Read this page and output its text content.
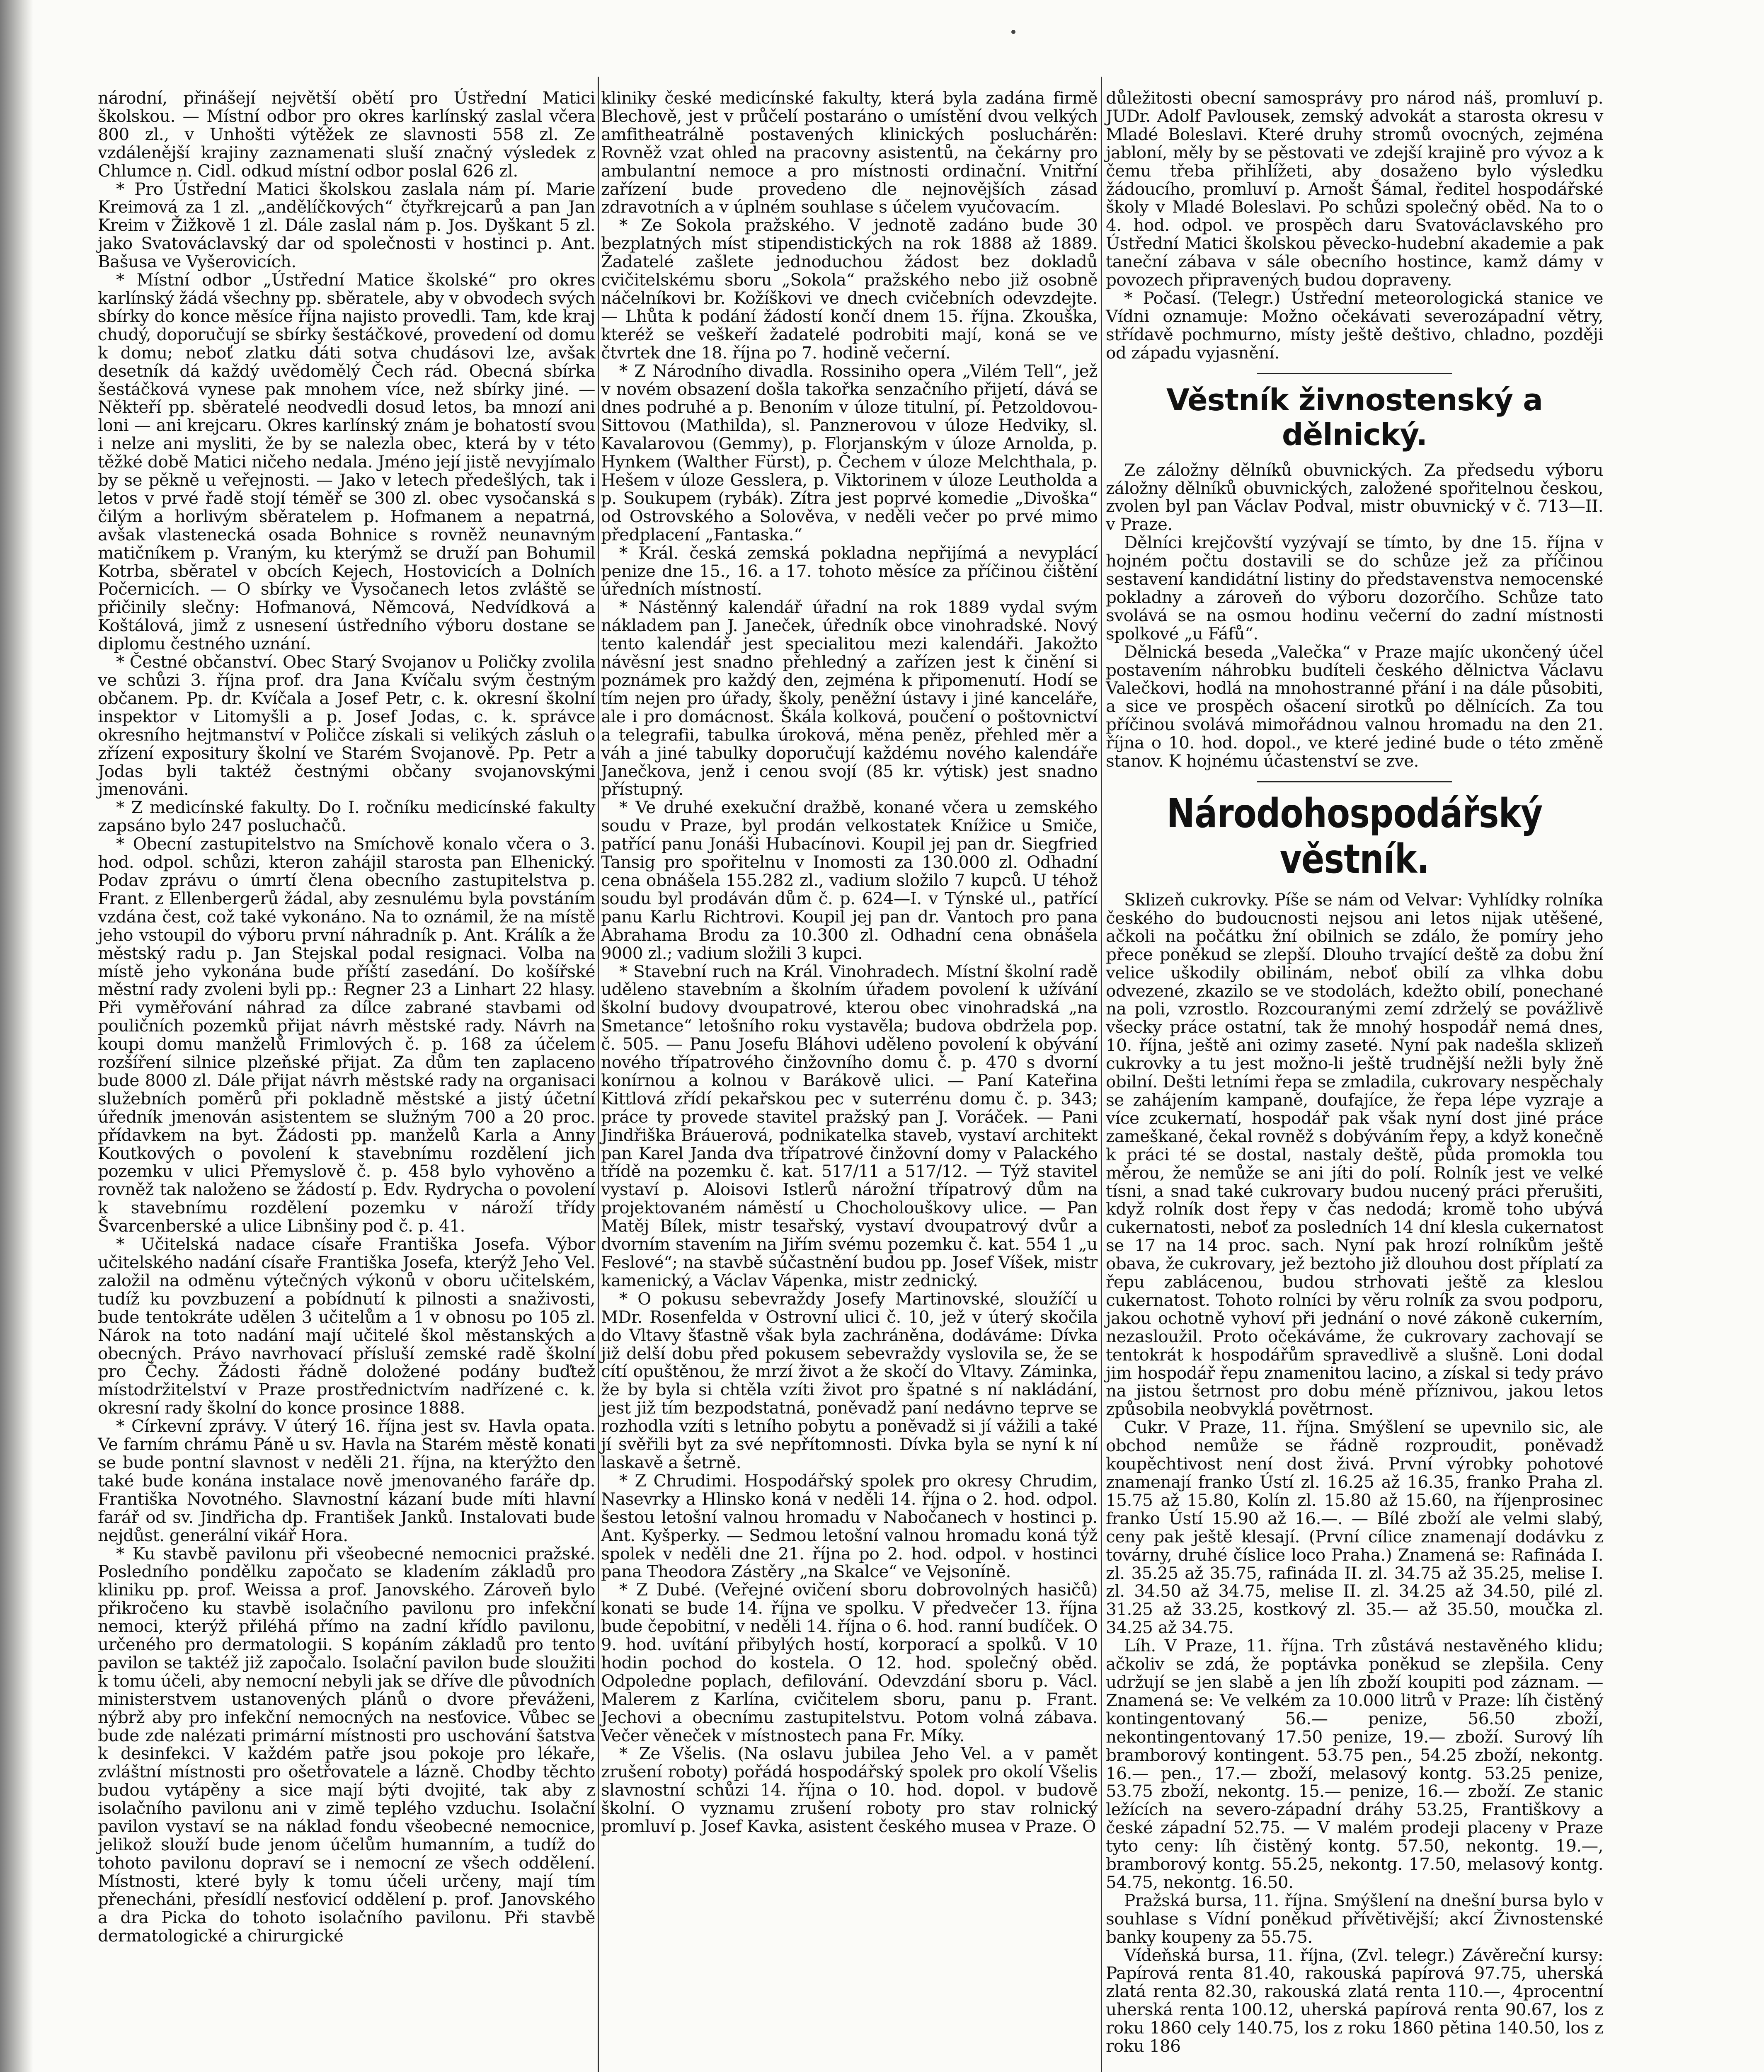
národní, přinášejí největší obětí pro Ústřední Matici školskou. — Místní odbor pro okres karlínský zaslal včera 800 zl., v Unhošti výtěžek ze slavnosti 558 zl. Ze vzdálenější krajiny zaznamenati sluší značný výsledek z Chlumce n. Cidl. odkud místní odbor poslal 626 zl.

* Pro Ústřední Matici školskou zaslala nám pí. Marie Kreimová za 1 zl. „andělíčkových“ čtyřkrejcarů a pan Jan Kreim v Žižkově 1 zl. Dále zaslal nám p. Jos. Dyškant 5 zl. jako Svatováclavský dar od společnosti v hostinci p. Ant. Bašusa ve Vyšerovicích.

* Místní odbor „Ústřední Matice školské“ pro okres karlínský žádá všechny pp. sběratele, aby v obvodech svých sbírky do konce měsíce října najisto provedli. Tam, kde kraj chudý, doporučují se sbírky šestáčkové, provedení od domu k domu; neboť zlatku dáti sotva chudásovi lze, avšak desetník dá každý uvědomělý Čech rád. Obecná sbírka šestáčková vynese pak mnohem více, než sbírky jiné. — Někteří pp. sběratelé neodvedli dosud letos, ba mnozí ani loni — ani krejcaru. Okres karlínský znám je bohatostí svou i nelze ani mysliti, že by se nalezla obec, která by v této těžké době Matici ničeho nedala. Jméno její jistě nevyjímalo by se pěkně u veřejnosti. — Jako v letech předešlých, tak i letos v prvé řadě stojí téměř se 300 zl. obec vysočanská s čilým a horlivým sběratelem p. Hofmanem a nepatrná, avšak vlastenecká osada Bohnice s rovněž neunavným matičníkem p. Vraným, ku kterýmž se druží pan Bohumil Kotrba, sběratel v obcích Kejech, Hostovicích a Dolních Počernicích. — O sbírky ve Vysočanech letos zvláště se přičinily slečny: Hofmanová, Němcová, Nedvídková a Koštálová, jimž z usnesení ústředního výboru dostane se diplomu čestného uznání.

* Čestné občanství. Obec Starý Svojanov u Poličky zvolila ve schůzi 3. října prof. dra Jana Kvíčalu svým čestným občanem. Pp. dr. Kvíčala a Josef Petr, c. k. okresní školní inspektor v Litomyšli a p. Josef Jodas, c. k. správce okresního hejtmanství v Poličce získali si velikých zásluh o zřízení expositury školní ve Starém Svojanově. Pp. Petr a Jodas byli taktéž čestnými občany svojanovskými jmenováni.

* Z medicínské fakulty. Do I. ročníku medicínské fakulty zapsáno bylo 247 posluchačů.

* Obecní zastupitelstvo na Smíchově konalo včera o 3. hod. odpol. schůzi, kteron zahájil starosta pan Elhenický. Podav zprávu o úmrtí člena obecního zastupitelstva p. Frant. z Ellenbergerů žádal, aby zesnulému byla povstáním vzdána čest, což také vykonáno. Na to oznámil, že na místě jeho vstoupil do výboru první náhradník p. Ant. Králík a že městský radu p. Jan Stejskal podal resignaci. Volba na místě jeho vykonána bude příští zasedání. Do košířské městní rady zvoleni byli pp.: Regner 23 a Linhart 22 hlasy. Při vyměřování náhrad za dílce zabrané stavbami od pouličních pozemků přijat návrh městské rady. Návrh na koupi domu manželů Frimlových č. p. 168 za účelem rozšíření silnice plzeňské přijat. Za dům ten zaplaceno bude 8000 zl. Dále přijat návrh městské rady na organisaci služebních poměrů při pokladně městské a jistý účetní úředník jmenován asistentem se služným 700 a 20 proc. přídavkem na byt. Žádosti pp. manželů Karla a Anny Koutkových o povolení k stavebnímu rozdělení jich pozemku v ulici Přemyslově č. p. 458 bylo vyhověno a rovněž tak naloženo se žádostí p. Edv. Rydrycha o povolení k stavebnímu rozdělení pozemku v nároží třídy Švarcenberské a ulice Libnšiny pod č. p. 41.

* Učitelská nadace císaře Františka Josefa. Výbor učitelského nadání císaře Františka Josefa, kterýž Jeho Vel. založil na odměnu výtečných výkonů v oboru učitelském, tudíž ku povzbuzení a pobídnutí k pilnosti a snaživosti, bude tentokráte udělen 3 učitelům a 1 v obnosu po 105 zl. Nárok na toto nadání mají učitelé škol městanských a obecných. Právo navrhovací přísluší zemské radě školní pro Čechy. Žádosti řádně doložené podány buďtež místodržitelství v Praze prostřednictvím nadřízené c. k. okresní rady školní do konce prosince 1888.

* Církevní zprávy. V úterý 16. října jest sv. Havla opata. Ve farním chrámu Páně u sv. Havla na Starém městě konati se bude pontní slavnost v neděli 21. října, na kterýžto den také bude konána instalace nově jmenovaného faráře dp. Františka Novotného. Slavnostní kázaní bude míti hlavní farář od sv. Jindřicha dp. František Janků. Instalovati bude nejdůst. generální vikář Hora.

* Ku stavbě pavilonu při všeobecné nemocnici pražské. Posledního pondělku započato se kladením základů pro kliniku pp. prof. Weissa a prof. Janovského. Zároveň bylo přikročeno ku stavbě isolačního pavilonu pro infekční nemoci, kterýž přiléhá přímo na zadní křídlo pavilonu, určeného pro dermatologii. S kopáním základů pro tento pavilon se taktéž již započalo. Isolační pavilon bude sloužiti k tomu účeli, aby nemocní nebyli jak se dříve dle původních ministerstvem ustanovených plánů o dvore převáženi, nýbrž aby pro infekční nemocných na nesťovice. Vůbec se bude zde nalézati primární místnosti pro uschování šatstva k desinfekci. V každém patře jsou pokoje pro lékaře, zvláštní místnosti pro ošetřovatele a lázně. Chodby těchto budou vytápěny a sice mají býti dvojité, tak aby z isolačního pavilonu ani v zimě teplého vzduchu. Isolační pavilon vystaví se na náklad fondu všeobecné nemocnice, jelikož slouží bude jenom účelům humanním, a tudíž do tohoto pavilonu dopraví se i nemocní ze všech oddělení. Místnosti, které byly k tomu účeli určeny, mají tím přenecháni, přesídlí nesťovicí oddělení p. prof. Janovského a dra Picka do tohoto isolačního pavilonu. Při stavbě dermatologické a chirurgické

kliniky české medicínské fakulty, která byla zadána firmě Blechově, jest v průčelí postaráno o umístění dvou velkých amfitheatrálně postavených klinických posluchárěn: Rovněž vzat ohled na pracovny asistentů, na čekárny pro ambulantní nemoce a pro místnosti ordinační. Vnitřní zařízení bude provedeno dle nejnovějších zásad zdravotních a v úplném souhlase s účelem vyučovacím.

* Ze Sokola pražského. V jednotě zadáno bude 30 bezplatných míst stipendistických na rok 1888 až 1889. Žadatelé zašlete jednoduchou žádost bez dokladů cvičitelskému sboru „Sokola“ pražského nebo již osobně náčelníkovi br. Kožíškovi ve dnech cvičebních odevzdejte. — Lhůta k podání žádostí končí dnem 15. října. Zkouška, kteréž se veškeří žadatelé podrobiti mají, koná se ve čtvrtek dne 18. října po 7. hodině večerní.

* Z Národního divadla. Rossiniho opera „Vilém Tell“, jež v novém obsazení došla takořka senzačního přijetí, dává se dnes podruhé a p. Benoním v úloze titulní, pí. Petzoldovou-Sittovou (Mathilda), sl. Panznerovou v úloze Hedviky, sl. Kavalarovou (Gemmy), p. Florjanským v úloze Arnolda, p. Hynkem (Walther Fürst), p. Čechem v úloze Melchthala, p. Hešem v úloze Gesslera, p. Viktorinem v úloze Leutholda a p. Soukupem (rybák). Zítra jest poprvé komedie „Divoška“ od Ostrovského a Solověva, v neděli večer po prvé mimo předplacení „Fantaska.“

* Král. česká zemská pokladna nepřijímá a nevyplácí penize dne 15., 16. a 17. tohoto měsíce za příčinou čištění úředních místností.

* Nástěnný kalendář úřadní na rok 1889 vydal svým nákladem pan J. Janeček, úředník obce vinohradské. Nový tento kalendář jest specialitou mezi kalendáři. Jakožto návěsní jest snadno přehledný a zařízen jest k činění si poznámek pro každý den, zejména k připomenutí. Hodí se tím nejen pro úřady, školy, peněžní ústavy i jiné kanceláře, ale i pro domácnost. Škála kolková, poučení o poštovnictví a telegrafii, tabulka úroková, měna peněz, přehled měr a váh a jiné tabulky doporučují každému nového kalendáře Janečkova, jenž i cenou svojí (85 kr. výtisk) jest snadno přístupný.

* Ve druhé exekuční dražbě, konané včera u zemského soudu v Praze, byl prodán velkostatek Knížice u Smiče, patřící panu Jonáši Hubacínovi. Koupil jej pan dr. Siegfried Tansig pro spořitelnu v Inomosti za 130.000 zl. Odhadní cena obnášela 155.282 zl., vadium složilo 7 kupců. U téhož soudu byl prodáván dům č. p. 624—I. v Týnské ul., patřící panu Karlu Richtrovi. Koupil jej pan dr. Vantoch pro pana Abrahama Brodu za 10.300 zl. Odhadní cena obnášela 9000 zl.; vadium složili 3 kupci.

* Stavební ruch na Král. Vinohradech. Místní školní radě uděleno stavebním a školním úřadem povolení k užívání školní budovy dvoupatrové, kterou obec vinohradská „na Smetance“ letošního roku vystavěla; budova obdržela pop. č. 505. — Panu Josefu Bláhovi uděleno povolení k obývání nového třípatrového činžovního domu č. p. 470 s dvorní konírnou a kolnou v Barákově ulici. — Paní Kateřina Kittlová zřídí pekařskou pec v suterrénu domu č. p. 343; práce ty provede stavitel pražský pan J. Voráček. — Pani Jindřiška Bráuerová, podnikatelka staveb, vystaví architekt pan Karel Janda dva třípatrové činžovní domy v Palackého třídě na pozemku č. kat. 517/11 a 517/12. — Týž stavitel vystaví p. Aloisovi Istlerů nárožní třípatrový dům na projektovaném náměstí u Chocholouškovy ulice. — Pan Matěj Bílek, mistr tesařský, vystaví dvoupatrový dvůr a dvorním stavením na Jiřím svému pozemku č. kat. 554 1 „u Feslové“; na stavbě súčastnění budou pp. Josef Víšek, mistr kamenický, a Václav Vápenka, mistr zednický.

* O pokusu sebevraždy Josefy Martinovské, sloužíčí u MDr. Rosenfelda v Ostrovní ulici č. 10, jež v úterý skočila do Vltavy šťastně však byla zachráněna, dodáváme: Dívka již delší dobu před pokusem sebevraždy vyslovila se, že se cítí opuštěnou, že mrzí život a že skočí do Vltavy. Záminka, že by byla si chtěla vzíti život pro špatné s ní nakládání, jest již tím bezpodstatná, poněvadž paní nedávno teprve se rozhodla vzíti s letního pobytu a poněvadž si jí vážili a také jí svěřili byt za své nepřítomnosti. Dívka byla se nyní k ní laskavě a šetrně.

* Z Chrudimi. Hospodářský spolek pro okresy Chrudim, Nasevrky a Hlinsko koná v neděli 14. října o 2. hod. odpol. šestou letošní valnou hromadu v Nabočanech v hostinci p. Ant. Kyšperky. — Sedmou letošní valnou hromadu koná týž spolek v neděli dne 21. října po 2. hod. odpol. v hostinci pana Theodora Zástěry „na Skalce“ ve Vejsoníně.

* Z Dubé. (Veřejné ovičení sboru dobrovolných hasičů) konati se bude 14. října ve spolku. V předvečer 13. října bude čepobitní, v neděli 14. října o 6. hod. ranní budíček. O 9. hod. uvítání přibylých hostí, korporací a spolků. V 10 hodin pochod do kostela. O 12. hod. společný oběd. Odpoledne poplach, defilování. Odevzdání sboru p. Václ. Malerem z Karlína, cvičitelem sboru, panu p. Frant. Jechovi a obecnímu zastupitelstvu. Potom volná zábava. Večer věneček v místnostech pana Fr. Míky.

* Ze Všelis. (Na oslavu jubilea Jeho Vel. a v pamět zrušení roboty) pořádá hospodářský spolek pro okolí Všelis slavnostní schůzi 14. října o 10. hod. dopol. v budově školní. O vyznamu zrušení roboty pro stav rolnický promluví p. Josef Kavka, asistent českého musea v Praze. O

důležitosti obecní samosprávy pro národ náš, promluví p. JUDr. Adolf Pavlousek, zemský advokát a starosta okresu v Mladé Boleslavi. Které druhy stromů ovocných, zejména jabloní, měly by se pěstovati ve zdejší krajině pro vývoz a k čemu třeba přihlížeti, aby dosaženo bylo výsledku žádoucího, promluví p. Arnošt Šámal, ředitel hospodářské školy v Mladé Boleslavi. Po schůzi společný oběd. Na to o 4. hod. odpol. ve prospěch daru Svatováclavského pro Ústřední Matici školskou pěvecko-hudební akademie a pak taneční zábava v sále obecního hostince, kamž dámy v povozech připravených budou dopraveny.

* Počasí. (Telegr.) Ústřední meteorologická stanice ve Vídni oznamuje: Možno očekávati severozápadní větry, střídavě pochmurno, místy ještě deštivo, chladno, později od západu vyjasnění.

Věstník živnostenský a dělnický.

Ze záložny dělníků obuvnických. Za předsedu výboru záložny dělníků obuvnických, založené spořitelnou českou, zvolen byl pan Václav Podval, mistr obuvnický v č. 713—II. v Praze.

Dělníci krejčovští vyzývají se tímto, by dne 15. října v hojném počtu dostavili se do schůze jež za příčinou sestavení kandidátní listiny do představenstva nemocenské pokladny a zároveň do výboru dozorčího. Schůze tato svolává se na osmou hodinu večerní do zadní místnosti spolkové „u Fáfů“.

Dělnická beseda „Valečka“ v Praze majíc ukončený účel postavením náhrobku budíteli českého dělnictva Václavu Valečkovi, hodlá na mnohostranné přání i na dále působiti, a sice ve prospěch ošacení sirotků po dělnících. Za tou příčinou svolává mimořádnou valnou hromadu na den 21. října o 10. hod. dopol., ve které jediné bude o této změně stanov. K hojnému účastenství se zve.

Národohospodářský věstník.

Sklizeň cukrovky. Píše se nám od Velvar: Vyhlídky rolníka českého do budoucnosti nejsou ani letos nijak utěšené, ačkoli na počátku žní obilnich se zdálo, že pomíry jeho přece poněkud se zlepší. Dlouho trvající deště za dobu žní velice uškodily obilinám, neboť obilí za vlhka dobu odvezené, zkazilo se ve stodolách, kdežto obilí, ponechané na poli, vzrostlo. Rozcouranými zemí zdrželý se povážlivě všecky práce ostatní, tak že mnohý hospodář nemá dnes, 10. října, ještě ani ozimy zaseté. Nyní pak nadešla sklizeň cukrovky a tu jest možno-li ještě trudnější nežli byly žně obilní. Dešti letními řepa se zmladila, cukrovary nespěchaly se zahájením kampaně, doufajíce, že řepa lépe vyzraje a více zcukernatí, hospodář pak však nyní dost jiné práce zameškané, čekal rovněž s dobýváním řepy, a když konečně k práci té se dostal, nastaly deště, půda promokla tou měrou, že nemůže se ani jíti do polí. Rolník jest ve velké tísni, a snad také cukrovary budou nucený práci přerušiti, když rolník dost řepy v čas nedodá; kromě toho ubývá cukernatosti, neboť za posledních 14 dní klesla cukernatost se 17 na 14 proc. sach. Nyní pak hrozí rolníkům ještě obava, že cukrovary, jež beztoho již dlouhou dost příplatí za řepu zablácenou, budou strhovati ještě za kleslou cukernatost. Tohoto rolníci by věru rolník za svou podporu, jakou ochotně vyhoví při jednání o nové zákoně cukerním, nezasloužil. Proto očekáváme, že cukrovary zachovají se tentokrát k hospodářům spravedlivě a slušně. Loni dodal jim hospodář řepu znamenitou lacino, a získal si tedy právo na jistou šetrnost pro dobu méně příznivou, jakou letos způsobila neobvyklá povětrnost.

Cukr. V Praze, 11. října. Smýšlení se upevnilo sic, ale obchod nemůže se řádně rozproudit, poněvadž koupěchtivost není dost živá. První výrobky pohotové znamenají franko Ústí zl. 16.25 až 16.35, franko Praha zl. 15.75 až 15.80, Kolín zl. 15.80 až 15.60, na říjenprosinec franko Ústí 15.90 až 16.—. — Bílé zboží ale velmi slabý, ceny pak ještě klesají. (První cílice znamenají dodávku z továrny, druhé číslice loco Praha.) Znamená se: Rafináda I. zl. 35.25 až 35.75, rafináda II. zl. 34.75 až 35.25, melise I. zl. 34.50 až 34.75, melise II. zl. 34.25 až 34.50, pilé zl. 31.25 až 33.25, kostkový zl. 35.— až 35.50, moučka zl. 34.25 až 34.75.

Líh. V Praze, 11. října. Trh zůstává nestavěného klidu; ačkoliv se zdá, že poptávka poněkud se zlepšila. Ceny udržují se jen slabě a jen líh zboží koupiti pod záznam. — Znamená se: Ve velkém za 10.000 litrů v Praze: líh čistěný kontingentovaný 56.— penize, 56.50 zboží, nekontingentovaný 17.50 penize, 19.— zboží. Surový líh bramborový kontingent. 53.75 pen., 54.25 zboží, nekontg. 16.— pen., 17.— zboží, melasový kontg. 53.25 penize, 53.75 zboží, nekontg. 15.— penize, 16.— zboží. Ze stanic ležících na severo-západní dráhy 53.25, Františkovy a české západní 52.75. — V malém prodeji placeny v Praze tyto ceny: líh čistěný kontg. 57.50, nekontg. 19.—, bramborový kontg. 55.25, nekontg. 17.50, melasový kontg. 54.75, nekontg. 16.50.

Pražská bursa, 11. října. Smýšlení na dnešní bursa bylo v souhlase s Vídní poněkud přívětivější; akcí Živnostenské banky koupeny za 55.75.

Vídeňská bursa, 11. října, (Zvl. telegr.) Závěreční kursy: Papírová renta 81.40, rakouská papírová 97.75, uherská zlatá renta 82.30, rakouská zlatá renta 110.—, 4procentní uherská renta 100.12, uherská papírová renta 90.67, los z roku 1860 cely 140.75, los z roku 1860 pětina 140.50, los z roku 186
